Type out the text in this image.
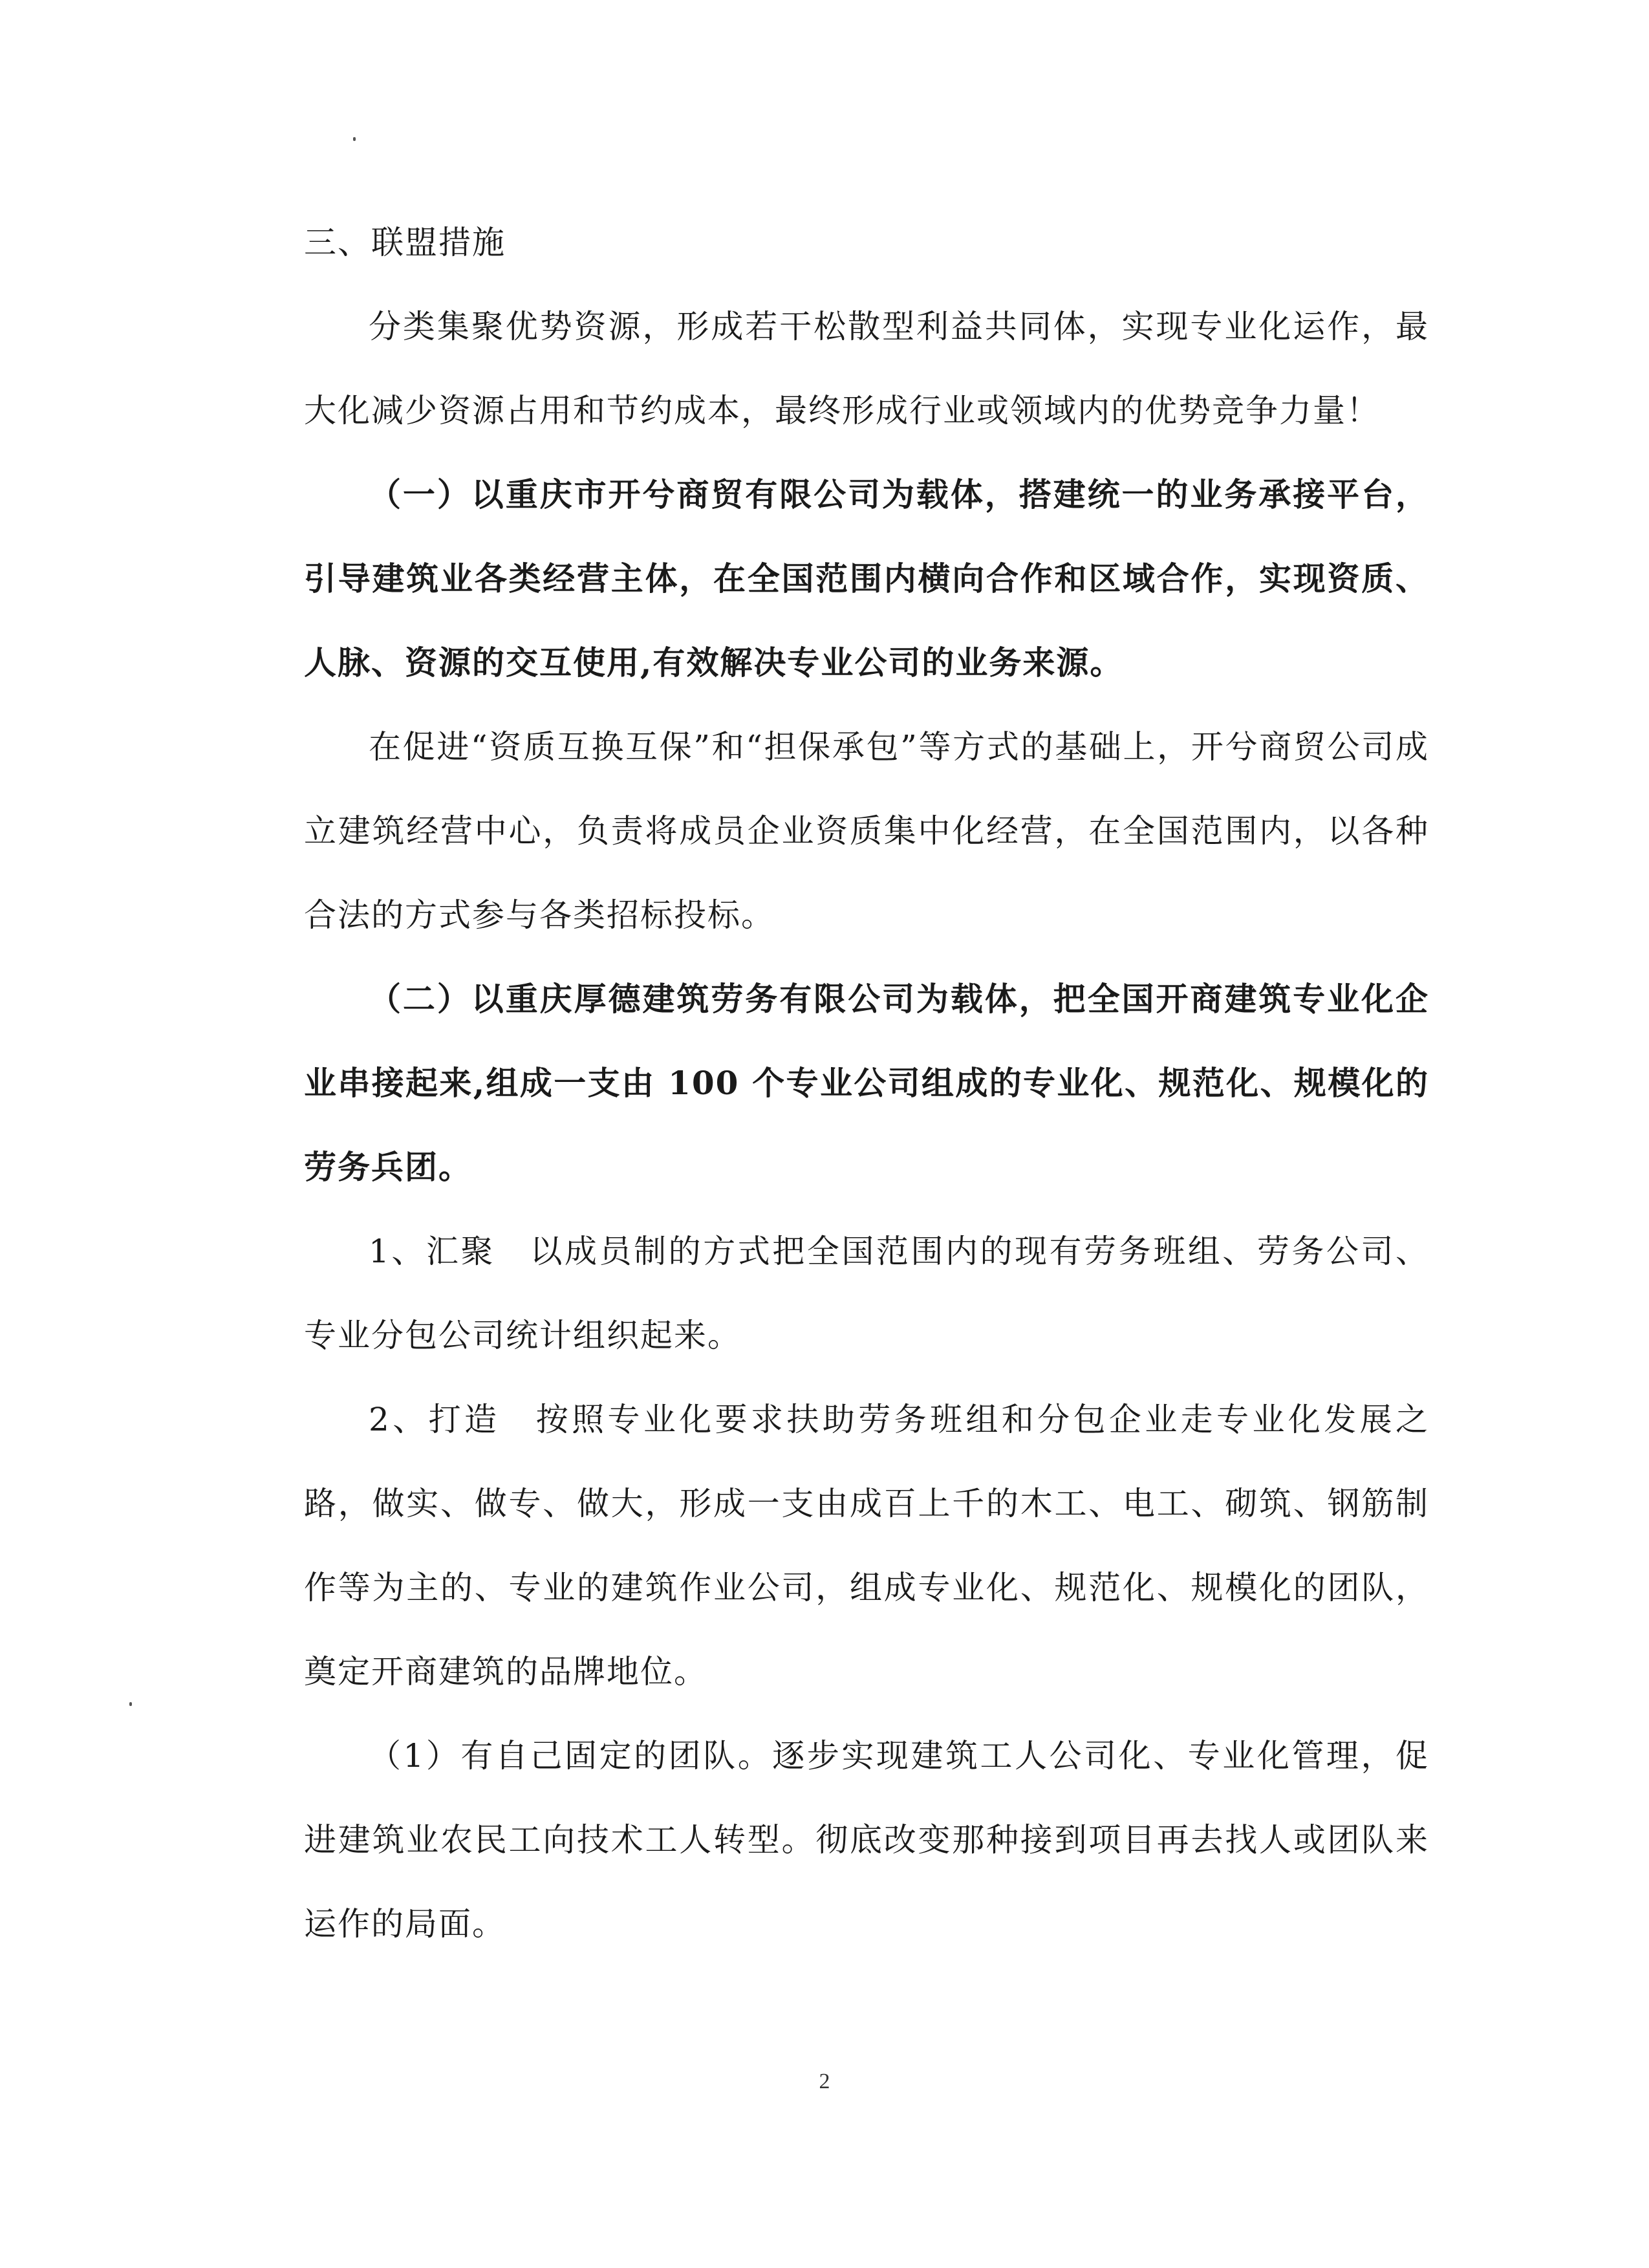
三、联盟措施

分类集聚优势资源，形成若干松散型利益共同体，实现专业化运作，最大化减少资源占用和节约成本，最终形成行业或领域内的优势竞争力量！

（一）以重庆市开兮商贸有限公司为载体，搭建统一的业务承接平台，引导建筑业各类经营主体，在全国范围内横向合作和区域合作，实现资质、人脉、资源的交互使用,有效解决专业公司的业务来源。

在促进“资质互换互保”和“担保承包”等方式的基础上，开兮商贸公司成立建筑经营中心，负责将成员企业资质集中化经营，在全国范围内，以各种合法的方式参与各类招标投标。

（二）以重庆厚德建筑劳务有限公司为载体，把全国开商建筑专业化企业串接起来,组成一支由 100 个专业公司组成的专业化、规范化、规模化的劳务兵团。

1、汇聚　以成员制的方式把全国范围内的现有劳务班组、劳务公司、专业分包公司统计组织起来。

2、打造　按照专业化要求扶助劳务班组和分包企业走专业化发展之路，做实、做专、做大，形成一支由成百上千的木工、电工、砌筑、钢筋制作等为主的、专业的建筑作业公司，组成专业化、规范化、规模化的团队，奠定开商建筑的品牌地位。

（1）有自己固定的团队。逐步实现建筑工人公司化、专业化管理，促进建筑业农民工向技术工人转型。彻底改变那种接到项目再去找人或团队来运作的局面。

2
